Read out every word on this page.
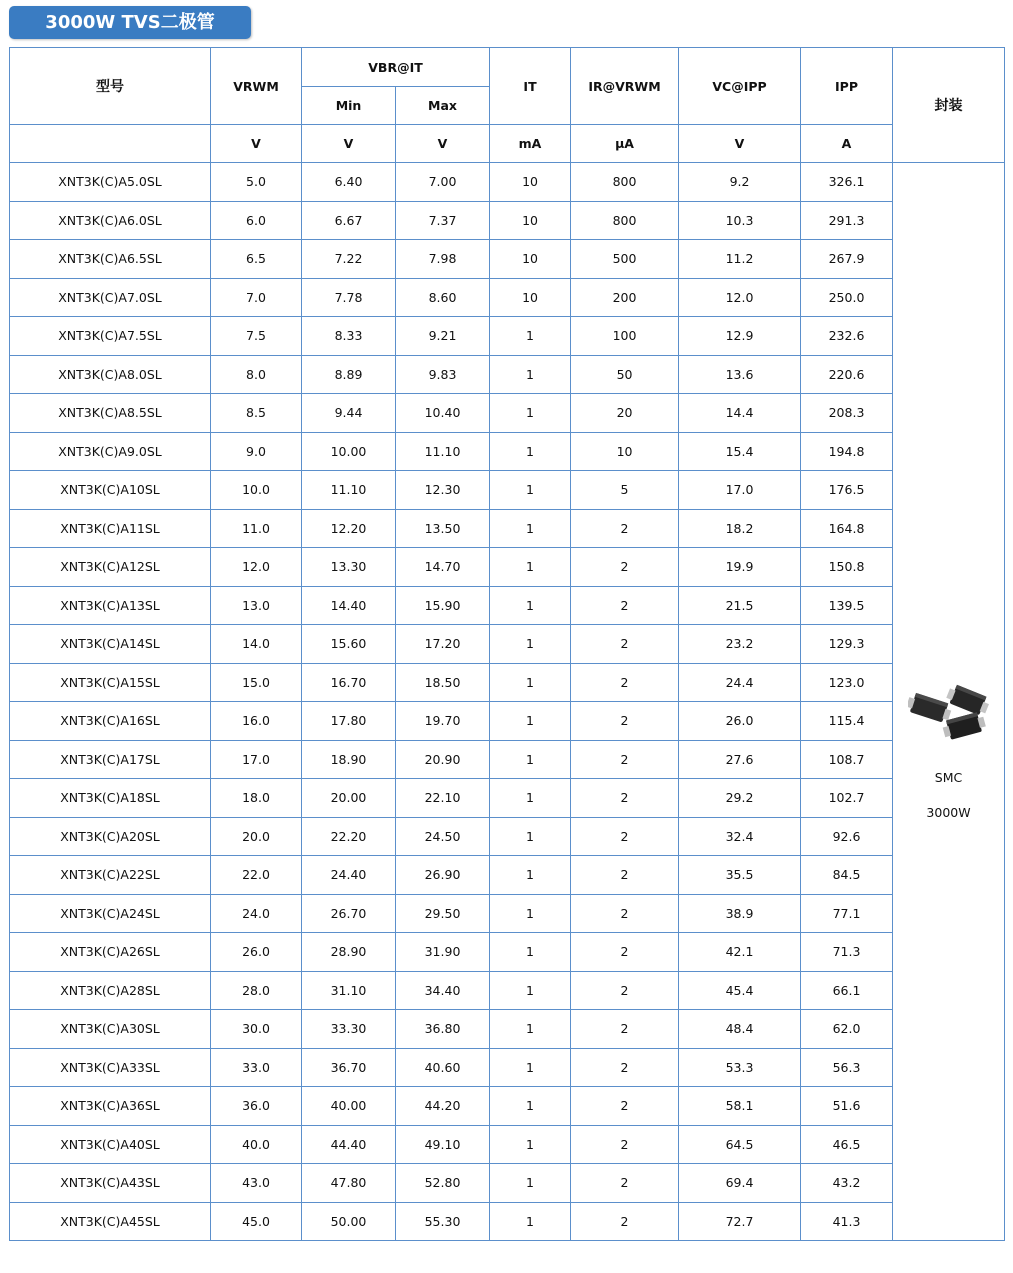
3000W TVS二极管
型号	VRWM	VBR@IT		IT	IR@VRWM	VC@IPP	IPP	封装
		Min	Max					
	V	V	V	mA	μA	V	A	
XNT3K(C)A5.0SL	5.0	6.40	7.00	10	800	9.2	326.1	SMC
3000W

XNT3K(C)A6.0SL	6.0	6.67	7.37	10	800	10.3	291.3	
XNT3K(C)A6.5SL	6.5	7.22	7.98	10	500	11.2	267.9	
XNT3K(C)A7.0SL	7.0	7.78	8.60	10	200	12.0	250.0	
XNT3K(C)A7.5SL	7.5	8.33	9.21	1	100	12.9	232.6	
XNT3K(C)A8.0SL	8.0	8.89	9.83	1	50	13.6	220.6	
XNT3K(C)A8.5SL	8.5	9.44	10.40	1	20	14.4	208.3	
XNT3K(C)A9.0SL	9.0	10.00	11.10	1	10	15.4	194.8	
XNT3K(C)A10SL	10.0	11.10	12.30	1	5	17.0	176.5	
XNT3K(C)A11SL	11.0	12.20	13.50	1	2	18.2	164.8	
XNT3K(C)A12SL	12.0	13.30	14.70	1	2	19.9	150.8	
XNT3K(C)A13SL	13.0	14.40	15.90	1	2	21.5	139.5	
XNT3K(C)A14SL	14.0	15.60	17.20	1	2	23.2	129.3	
XNT3K(C)A15SL	15.0	16.70	18.50	1	2	24.4	123.0	
XNT3K(C)A16SL	16.0	17.80	19.70	1	2	26.0	115.4	
XNT3K(C)A17SL	17.0	18.90	20.90	1	2	27.6	108.7	
XNT3K(C)A18SL	18.0	20.00	22.10	1	2	29.2	102.7	
XNT3K(C)A20SL	20.0	22.20	24.50	1	2	32.4	92.6	
XNT3K(C)A22SL	22.0	24.40	26.90	1	2	35.5	84.5	
XNT3K(C)A24SL	24.0	26.70	29.50	1	2	38.9	77.1	
XNT3K(C)A26SL	26.0	28.90	31.90	1	2	42.1	71.3	
XNT3K(C)A28SL	28.0	31.10	34.40	1	2	45.4	66.1	
XNT3K(C)A30SL	30.0	33.30	36.80	1	2	48.4	62.0	
XNT3K(C)A33SL	33.0	36.70	40.60	1	2	53.3	56.3	
XNT3K(C)A36SL	36.0	40.00	44.20	1	2	58.1	51.6	
XNT3K(C)A40SL	40.0	44.40	49.10	1	2	64.5	46.5	
XNT3K(C)A43SL	43.0	47.80	52.80	1	2	69.4	43.2	
XNT3K(C)A45SL	45.0	50.00	55.30	1	2	72.7	41.3	
